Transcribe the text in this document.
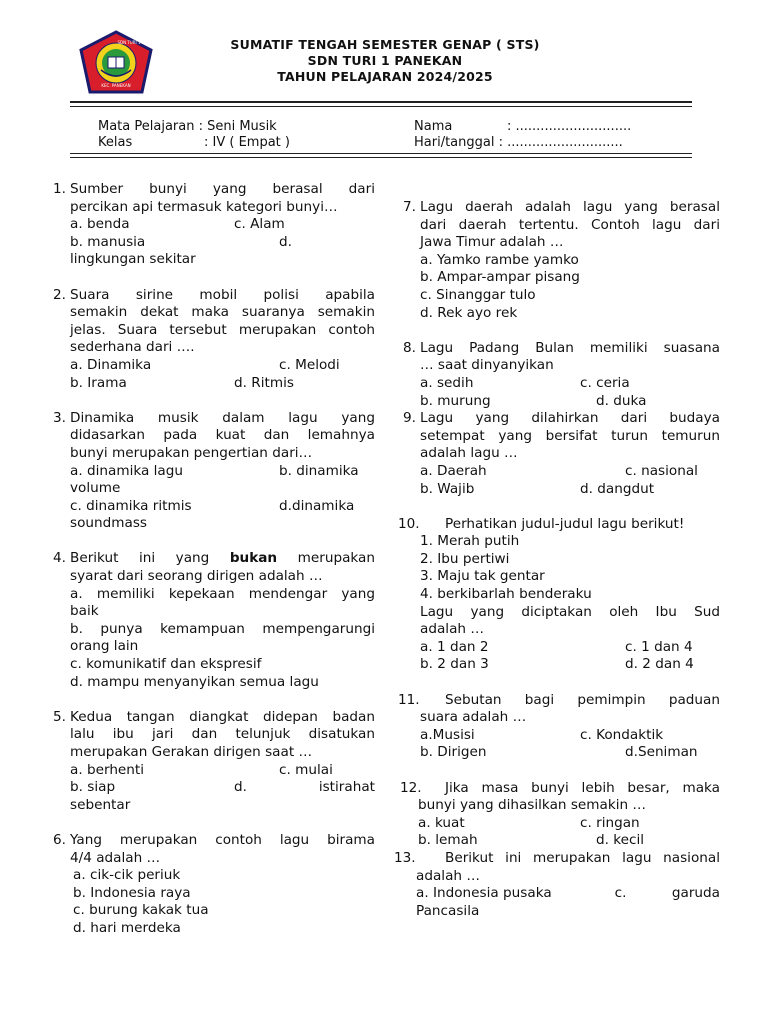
KEC. PANEKAN
SDN TURI 1	SUMATIF TENGAH SEMESTER GENAP ( STS)
SDN TURI 1 PANEKAN
TAHUN PELAJARAN 2024/2025
Mata Pelajaran : Seni Musik
Kelas	: IV ( Empat )
Nama	: ............................
Hari/tanggal : ............................
1. Sumber bunyi yang berasal dari
percikan api termasuk kategori bunyi…
a. benda	c. Alam
b. manusia	d.
lingkungan sekitar
2. Suara sirine mobil polisi apabila
semakin dekat maka suaranya semakin
jelas. Suara tersebut merupakan contoh
sederhana dari ….
a. Dinamika	c. Melodi
b. Irama	d. Ritmis
3. Dinamika musik dalam lagu yang
didasarkan pada kuat dan lemahnya
bunyi merupakan pengertian dari…
a. dinamika lagu	b. dinamika
volume
c. dinamika ritmis	d.dinamika
soundmass
4. Berikut ini yang bukan merupakan
syarat dari seorang dirigen adalah …
a. memiliki kepekaan mendengar yang
baik
b. punya kemampuan mempengarungi
orang lain
c. komunikatif dan ekspresif
d. mampu menyanyikan semua lagu
5. Kedua tangan diangkat didepan badan
lalu ibu jari dan telunjuk disatukan
merupakan Gerakan dirigen saat …
a. berhenti	c. mulai
b. siap	d.	istirahat
sebentar
6. Yang merupakan contoh lagu birama
4/4 adalah …
a. cik-cik periuk
b. Indonesia raya
c. burung kakak tua
d. hari merdeka
7. Lagu daerah adalah lagu yang berasal
dari daerah tertentu. Contoh lagu dari
Jawa Timur adalah …
a. Yamko rambe yamko
b. Ampar-ampar pisang
c. Sinanggar tulo
d. Rek ayo rek
8. Lagu Padang Bulan memiliki suasana
… saat dinyanyikan
a. sedih	c. ceria
b. murung	d. duka
9. Lagu yang dilahirkan dari budaya
setempat yang bersifat turun temurun
adalah lagu …
a. Daerah	c. nasional
b. Wajib	d. dangdut
10.	Perhatikan judul-judul lagu berikut!
1. Merah putih
2. Ibu pertiwi
3. Maju tak gentar
4. berkibarlah benderaku
Lagu yang diciptakan oleh Ibu Sud
adalah …
a. 1 dan 2	c. 1 dan 4
b. 2 dan 3	d. 2 dan 4
11.	Sebutan bagi pemimpin paduan
suara adalah …
a.Musisi	c. Kondaktik
b. Dirigen	d.Seniman
12.	Jika masa bunyi lebih besar, maka
bunyi yang dihasilkan semakin …
a. kuat	c. ringan
b. lemah	d. kecil
13.	Berikut ini merupakan lagu nasional
adalah …
a. Indonesia pusaka	c.	garuda
Pancasila
